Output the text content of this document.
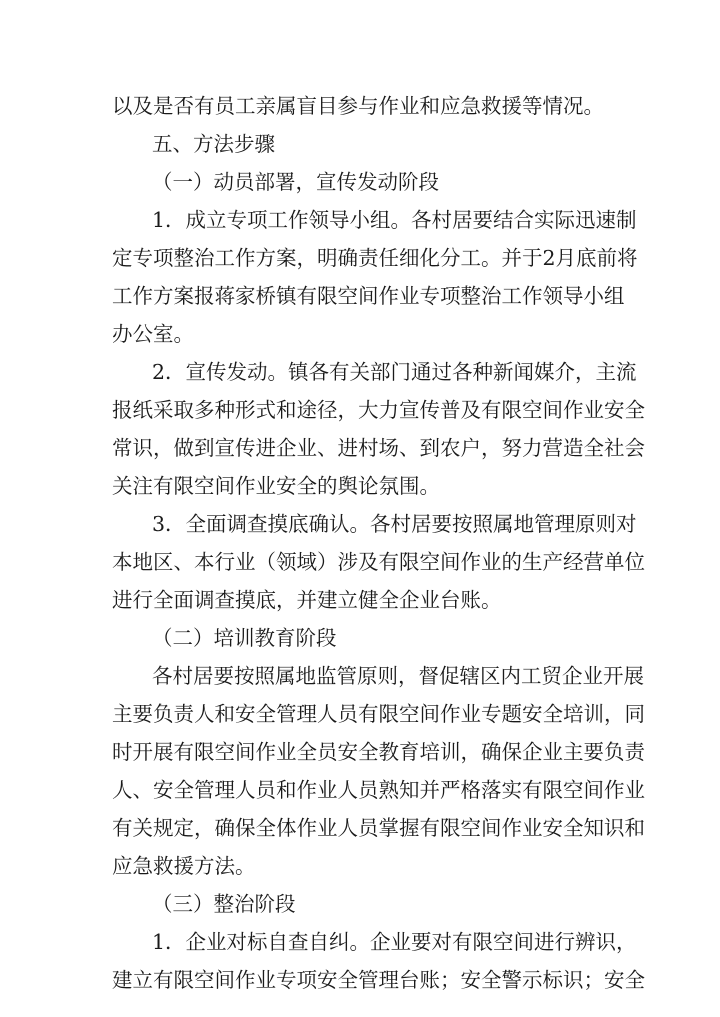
以及是否有员工亲属盲目参与作业和应急救援等情况。
五、方法步骤
（一）动员部署，宣传发动阶段
1．成立专项工作领导小组。各村居要结合实际迅速制
定专项整治工作方案，明确责任细化分工。并于2月底前将
工作方案报蒋家桥镇有限空间作业专项整治工作领导小组
办公室。
2．宣传发动。镇各有关部门通过各种新闻媒介，主流
报纸采取多种形式和途径，大力宣传普及有限空间作业安全
常识，做到宣传进企业、进村场、到农户，努力营造全社会
关注有限空间作业安全的舆论氛围。
3．全面调查摸底确认。各村居要按照属地管理原则对
本地区、本行业（领域）涉及有限空间作业的生产经营单位
进行全面调查摸底，并建立健全企业台账。
（二）培训教育阶段
各村居要按照属地监管原则，督促辖区内工贸企业开展
主要负责人和安全管理人员有限空间作业专题安全培训，同
时开展有限空间作业全员安全教育培训，确保企业主要负责
人、安全管理人员和作业人员熟知并严格落实有限空间作业
有关规定，确保全体作业人员掌握有限空间作业安全知识和
应急救援方法。
（三）整治阶段
1．企业对标自查自纠。企业要对有限空间进行辨识，
建立有限空间作业专项安全管理台账；安全警示标识；安全
